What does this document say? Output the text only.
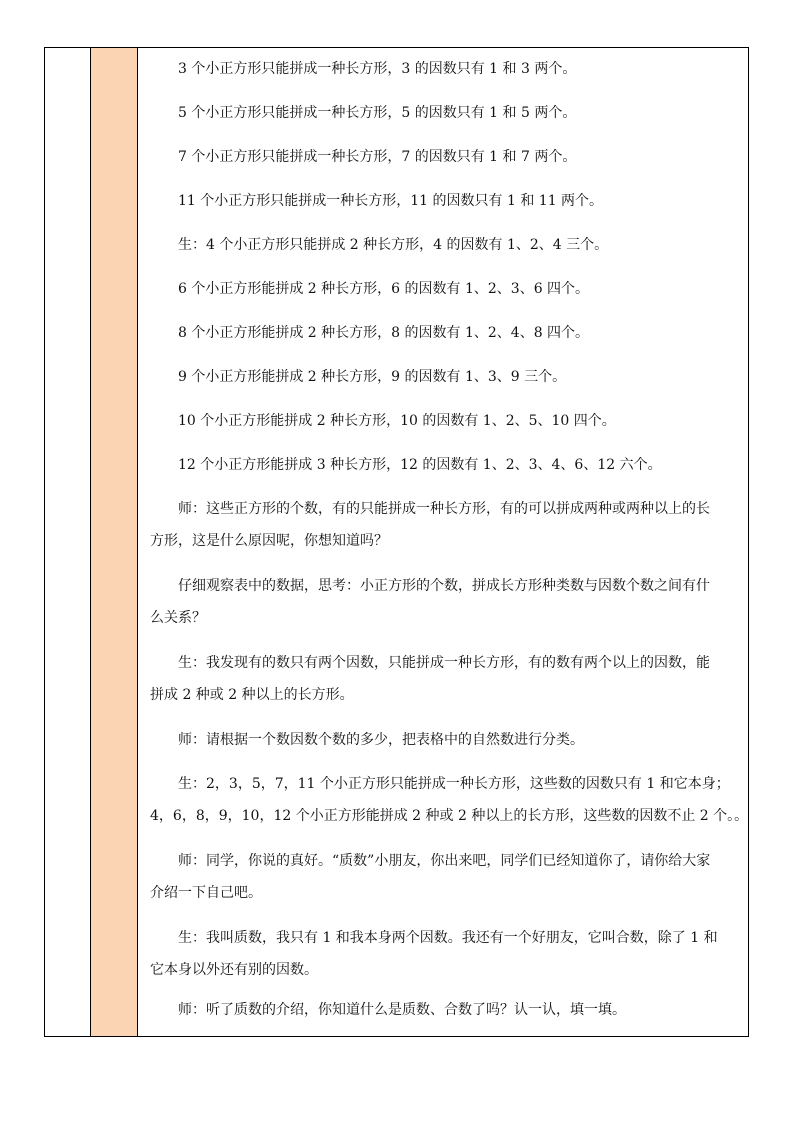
3 个小正方形只能拼成一种长方形，3 的因数只有 1 和 3 两个。
5 个小正方形只能拼成一种长方形，5 的因数只有 1 和 5 两个。
7 个小正方形只能拼成一种长方形，7 的因数只有 1 和 7 两个。
11 个小正方形只能拼成一种长方形，11 的因数只有 1 和 11 两个。
生：4 个小正方形只能拼成 2 种长方形，4 的因数有 1、2、4 三个。
6 个小正方形能拼成 2 种长方形，6 的因数有 1、2、3、6 四个。
8 个小正方形能拼成 2 种长方形，8 的因数有 1、2、4、8 四个。
9 个小正方形能拼成 2 种长方形，9 的因数有 1、3、9 三个。
10 个小正方形能拼成 2 种长方形，10 的因数有 1、2、5、10 四个。
12 个小正方形能拼成 3 种长方形，12 的因数有 1、2、3、4、6、12 六个。
师：这些正方形的个数，有的只能拼成一种长方形，有的可以拼成两种或两种以上的长
方形，这是什么原因呢，你想知道吗？
仔细观察表中的数据，思考：小正方形的个数，拼成长方形种类数与因数个数之间有什
么关系？
生：我发现有的数只有两个因数，只能拼成一种长方形，有的数有两个以上的因数，能
拼成 2 种或 2 种以上的长方形。
师：请根据一个数因数个数的多少，把表格中的自然数进行分类。
生：2，3，5，7，11 个小正方形只能拼成一种长方形，这些数的因数只有 1 和它本身；
4，6，8，9，10，12 个小正方形能拼成 2 种或 2 种以上的长方形，这些数的因数不止 2 个。。
师：同学，你说的真好。“质数”小朋友，你出来吧，同学们已经知道你了，请你给大家
介绍一下自己吧。
生：我叫质数，我只有 1 和我本身两个因数。我还有一个好朋友，它叫合数，除了 1 和
它本身以外还有别的因数。
师：听了质数的介绍，你知道什么是质数、合数了吗？认一认，填一填。
